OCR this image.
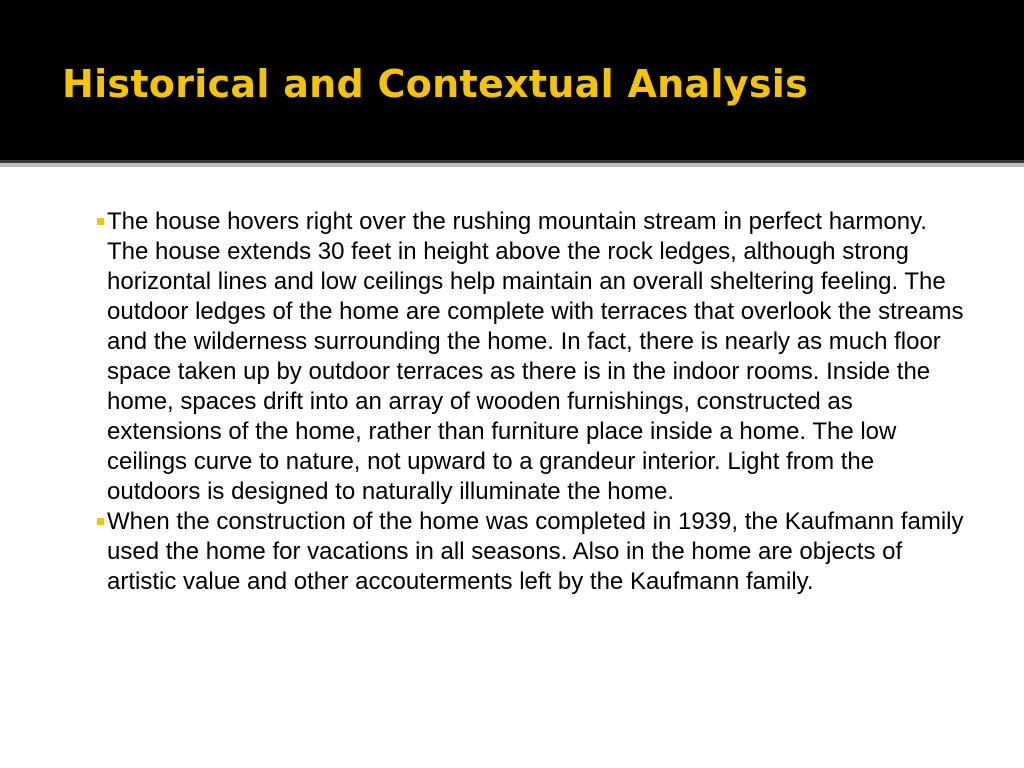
Historical and Contextual Analysis
The house hovers right over the rushing mountain stream in perfect harmony. The house extends 30 feet in height above the rock ledges, although strong horizontal lines and low ceilings help maintain an overall sheltering feeling. The outdoor ledges of the home are complete with terraces that overlook the streams and the wilderness surrounding the home. In fact, there is nearly as much floor space taken up by outdoor terraces as there is in the indoor rooms. Inside the home, spaces drift into an array of wooden furnishings, constructed as extensions of the home, rather than furniture place inside a home. The low ceilings curve to nature, not upward to a grandeur interior. Light from the outdoors is designed to naturally illuminate the home.
When the construction of the home was completed in 1939, the Kaufmann family used the home for vacations in all seasons. Also in the home are objects of artistic value and other accouterments left by the Kaufmann family.
